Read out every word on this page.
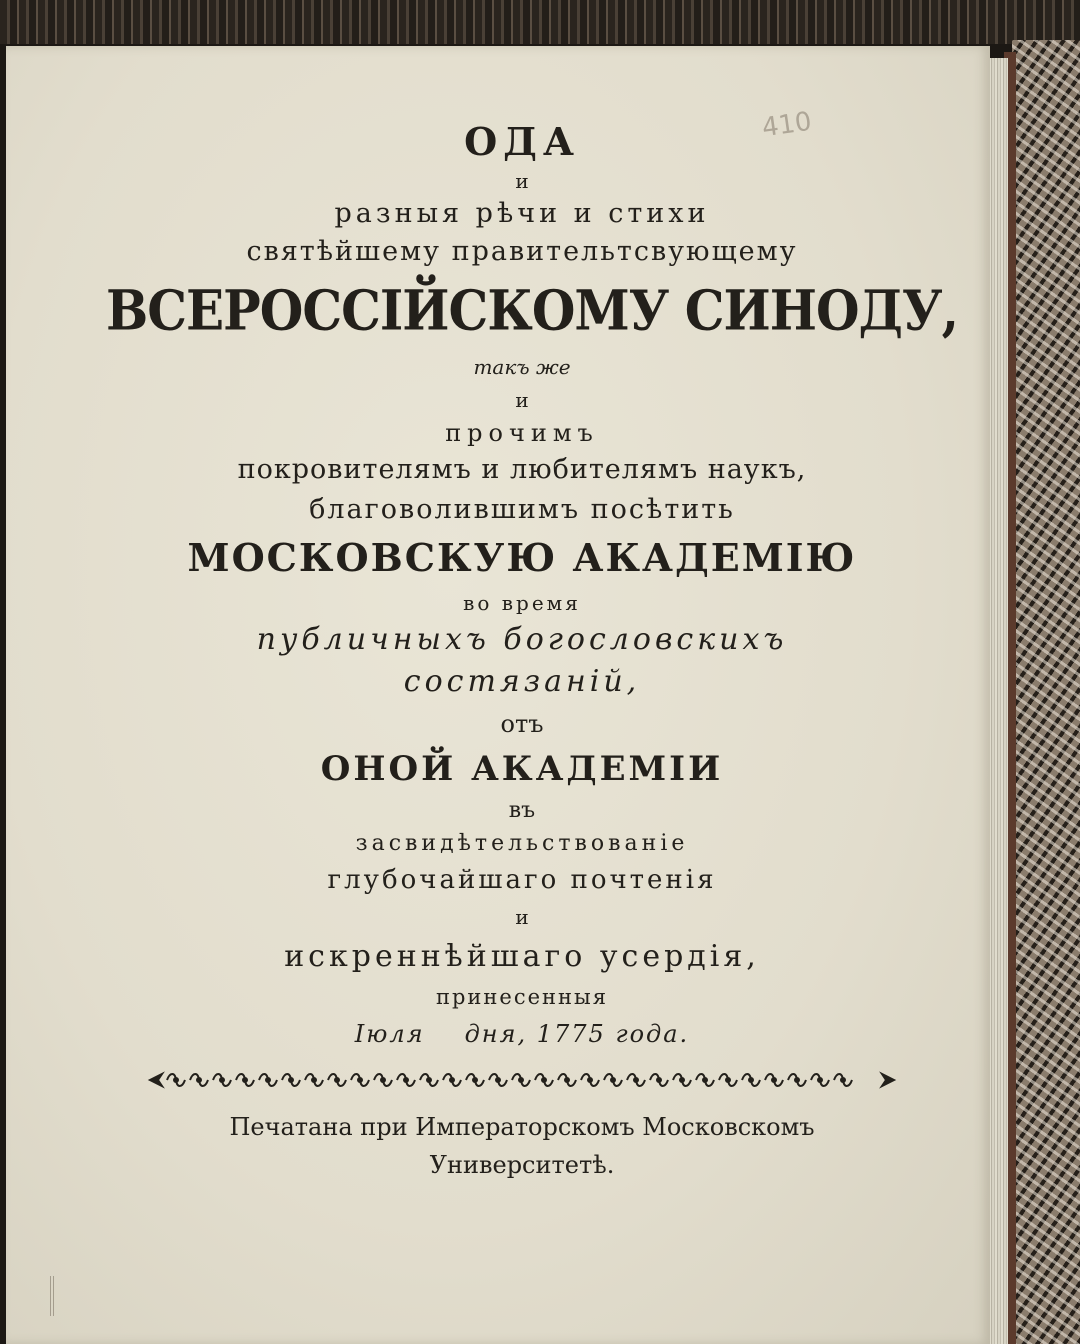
410
ОДА
и
разныя рѣчи и стихи
святѣйшему правительтсвующему
ВСЕРОССІЙСКОМУ СИНОДУ,
такъ же
и
прочимъ
покровителямъ и любителямъ наукъ,
благоволившимъ посѣтить
МОСКОВСКУЮ АКАДЕМІЮ
во время
публичныхъ богословскихъ
состязаній,
отъ
ОНОЙ АКАДЕМІИ
въ
засвидѣтельствованіе
глубочайшаго почтенія
и
искреннѣйшаго усердія,
принесенныя
Іюля дня, 1775 года.
Печатана при Императорскомъ Московскомъ
Университетѣ.
